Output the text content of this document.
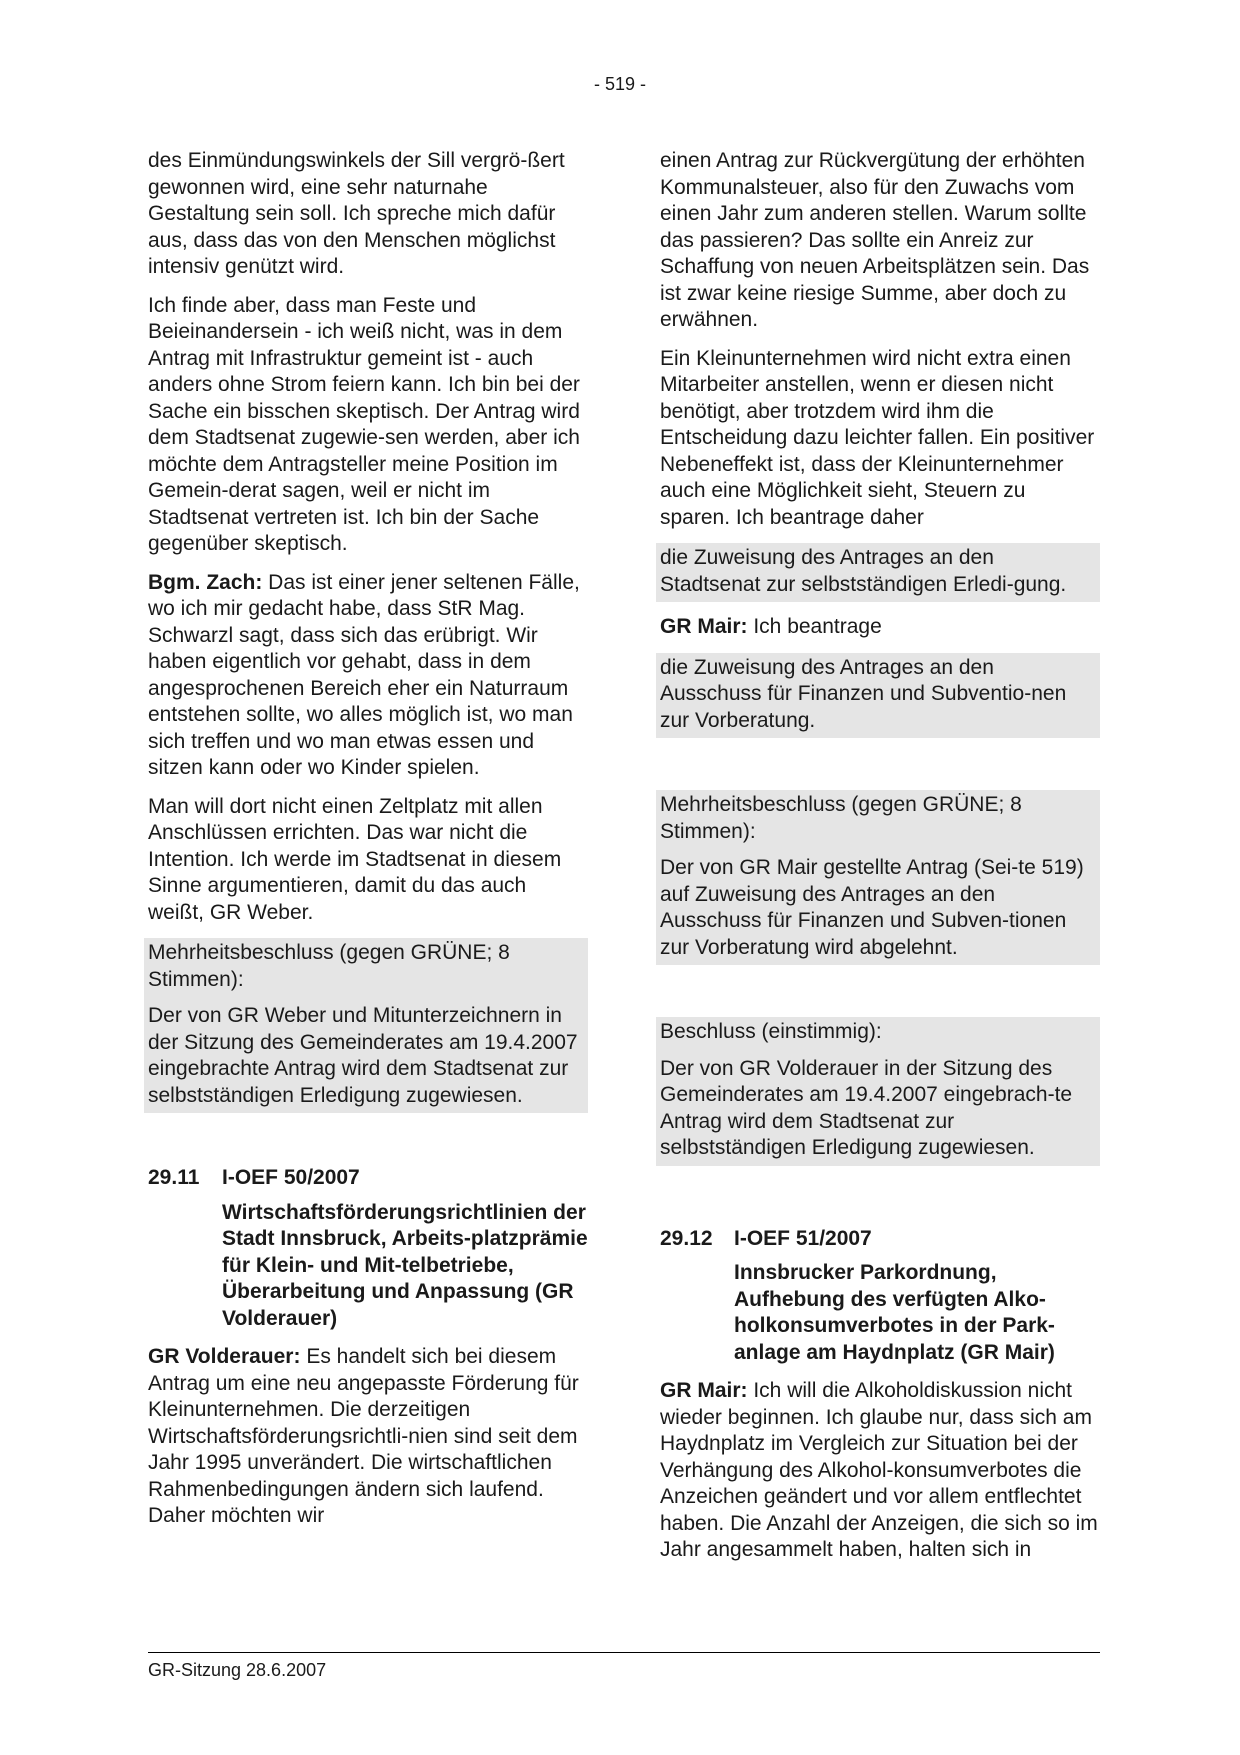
- 519 -

des Einmündungswinkels der Sill vergrö-ßert gewonnen wird, eine sehr naturnahe Gestaltung sein soll. Ich spreche mich dafür aus, dass das von den Menschen möglichst intensiv genützt wird.

Ich finde aber, dass man Feste und Beieinandersein - ich weiß nicht, was in dem Antrag mit Infrastruktur gemeint ist - auch anders ohne Strom feiern kann. Ich bin bei der Sache ein bisschen skeptisch. Der Antrag wird dem Stadtsenat zugewie-sen werden, aber ich möchte dem Antragsteller meine Position im Gemein-derat sagen, weil er nicht im Stadtsenat vertreten ist. Ich bin der Sache gegenüber skeptisch.

Bgm. Zach: Das ist einer jener seltenen Fälle, wo ich mir gedacht habe, dass StR Mag. Schwarzl sagt, dass sich das erübrigt. Wir haben eigentlich vor gehabt, dass in dem angesprochenen Bereich eher ein Naturraum entstehen sollte, wo alles möglich ist, wo man sich treffen und wo man etwas essen und sitzen kann oder wo Kinder spielen.

Man will dort nicht einen Zeltplatz mit allen Anschlüssen errichten. Das war nicht die Intention. Ich werde im Stadtsenat in diesem Sinne argumentieren, damit du das auch weißt, GR Weber.

Mehrheitsbeschluss (gegen GRÜNE; 8 Stimmen):

Der von GR Weber und Mitunterzeichnern in der Sitzung des Gemeinderates am 19.4.2007 eingebrachte Antrag wird dem Stadtsenat zur selbstständigen Erledigung zugewiesen.

29.11	I-OEF 50/2007

Wirtschaftsförderungsrichtlinien der Stadt Innsbruck, Arbeits-platzprämie für Klein- und Mit-telbetriebe, Überarbeitung und Anpassung (GR Volderauer)

GR Volderauer: Es handelt sich bei diesem Antrag um eine neu angepasste Förderung für Kleinunternehmen. Die derzeitigen Wirtschaftsförderungsrichtli-nien sind seit dem Jahr 1995 unverändert. Die wirtschaftlichen Rahmenbedingungen ändern sich laufend. Daher möchten wir

einen Antrag zur Rückvergütung der erhöhten Kommunalsteuer, also für den Zuwachs vom einen Jahr zum anderen stellen. Warum sollte das passieren? Das sollte ein Anreiz zur Schaffung von neuen Arbeitsplätzen sein. Das ist zwar keine riesige Summe, aber doch zu erwähnen.

Ein Kleinunternehmen wird nicht extra einen Mitarbeiter anstellen, wenn er diesen nicht benötigt, aber trotzdem wird ihm die Entscheidung dazu leichter fallen. Ein positiver Nebeneffekt ist, dass der Kleinunternehmer auch eine Möglichkeit sieht, Steuern zu sparen. Ich beantrage daher

die Zuweisung des Antrages an den Stadtsenat zur selbstständigen Erledi-gung.

GR Mair: Ich beantrage

die Zuweisung des Antrages an den Ausschuss für Finanzen und Subventio-nen zur Vorberatung.

Mehrheitsbeschluss (gegen GRÜNE; 8 Stimmen):

Der von GR Mair gestellte Antrag (Sei-te 519) auf Zuweisung des Antrages an den Ausschuss für Finanzen und Subven-tionen zur Vorberatung wird abgelehnt.

Beschluss (einstimmig):

Der von GR Volderauer in der Sitzung des Gemeinderates am 19.4.2007 eingebrach-te Antrag wird dem Stadtsenat zur selbstständigen Erledigung zugewiesen.

29.12	I-OEF 51/2007

Innsbrucker Parkordnung, Aufhebung des verfügten Alko-holkonsumverbotes in der Park-anlage am Haydnplatz (GR Mair)

GR Mair: Ich will die Alkoholdiskussion nicht wieder beginnen. Ich glaube nur, dass sich am Haydnplatz im Vergleich zur Situation bei der Verhängung des Alkohol-konsumverbotes die Anzeichen geändert und vor allem entflechtet haben. Die Anzahl der Anzeigen, die sich so im Jahr angesammelt haben, halten sich in

GR-Sitzung 28.6.2007
